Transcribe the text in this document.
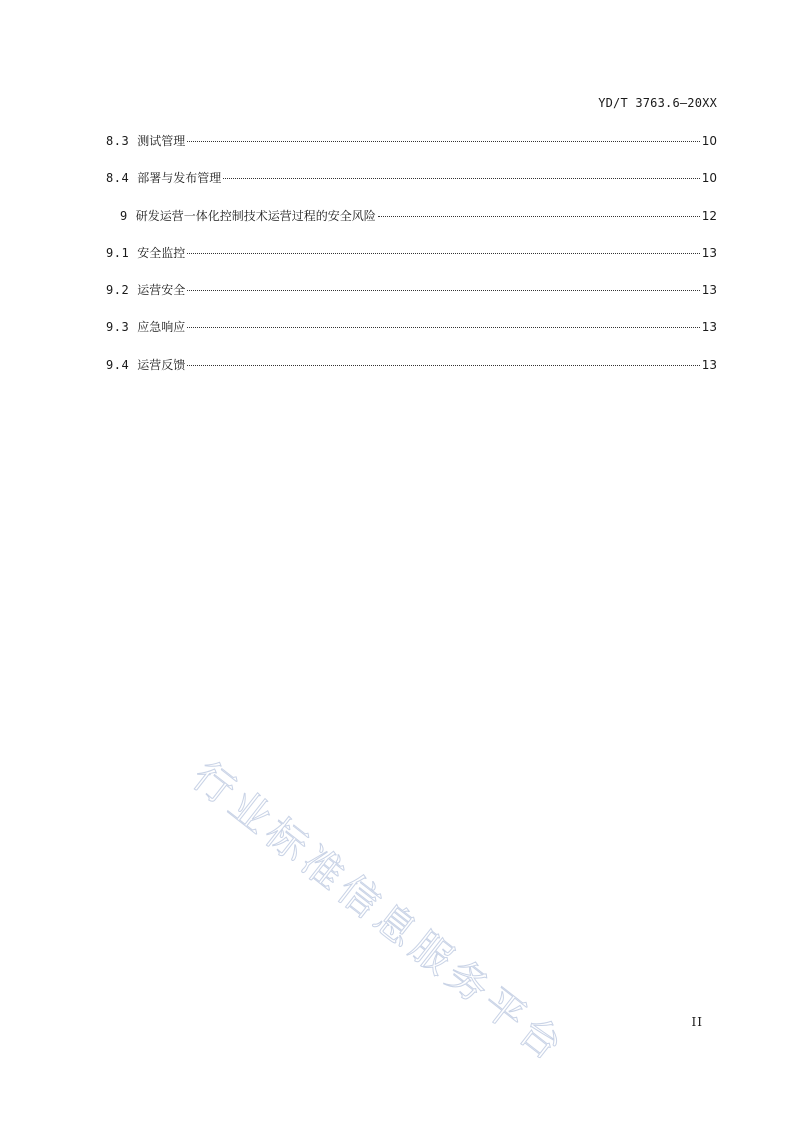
YD/T 3763.6—20XX
8.3 测试管理	10
8.4 部署与发布管理	10
9 研发运营一体化控制技术运营过程的安全风险	12
9.1 安全监控	13
9.2 运营安全	13
9.3 应急响应	13
9.4 运营反馈	13
行业标准信息服务平台	II
